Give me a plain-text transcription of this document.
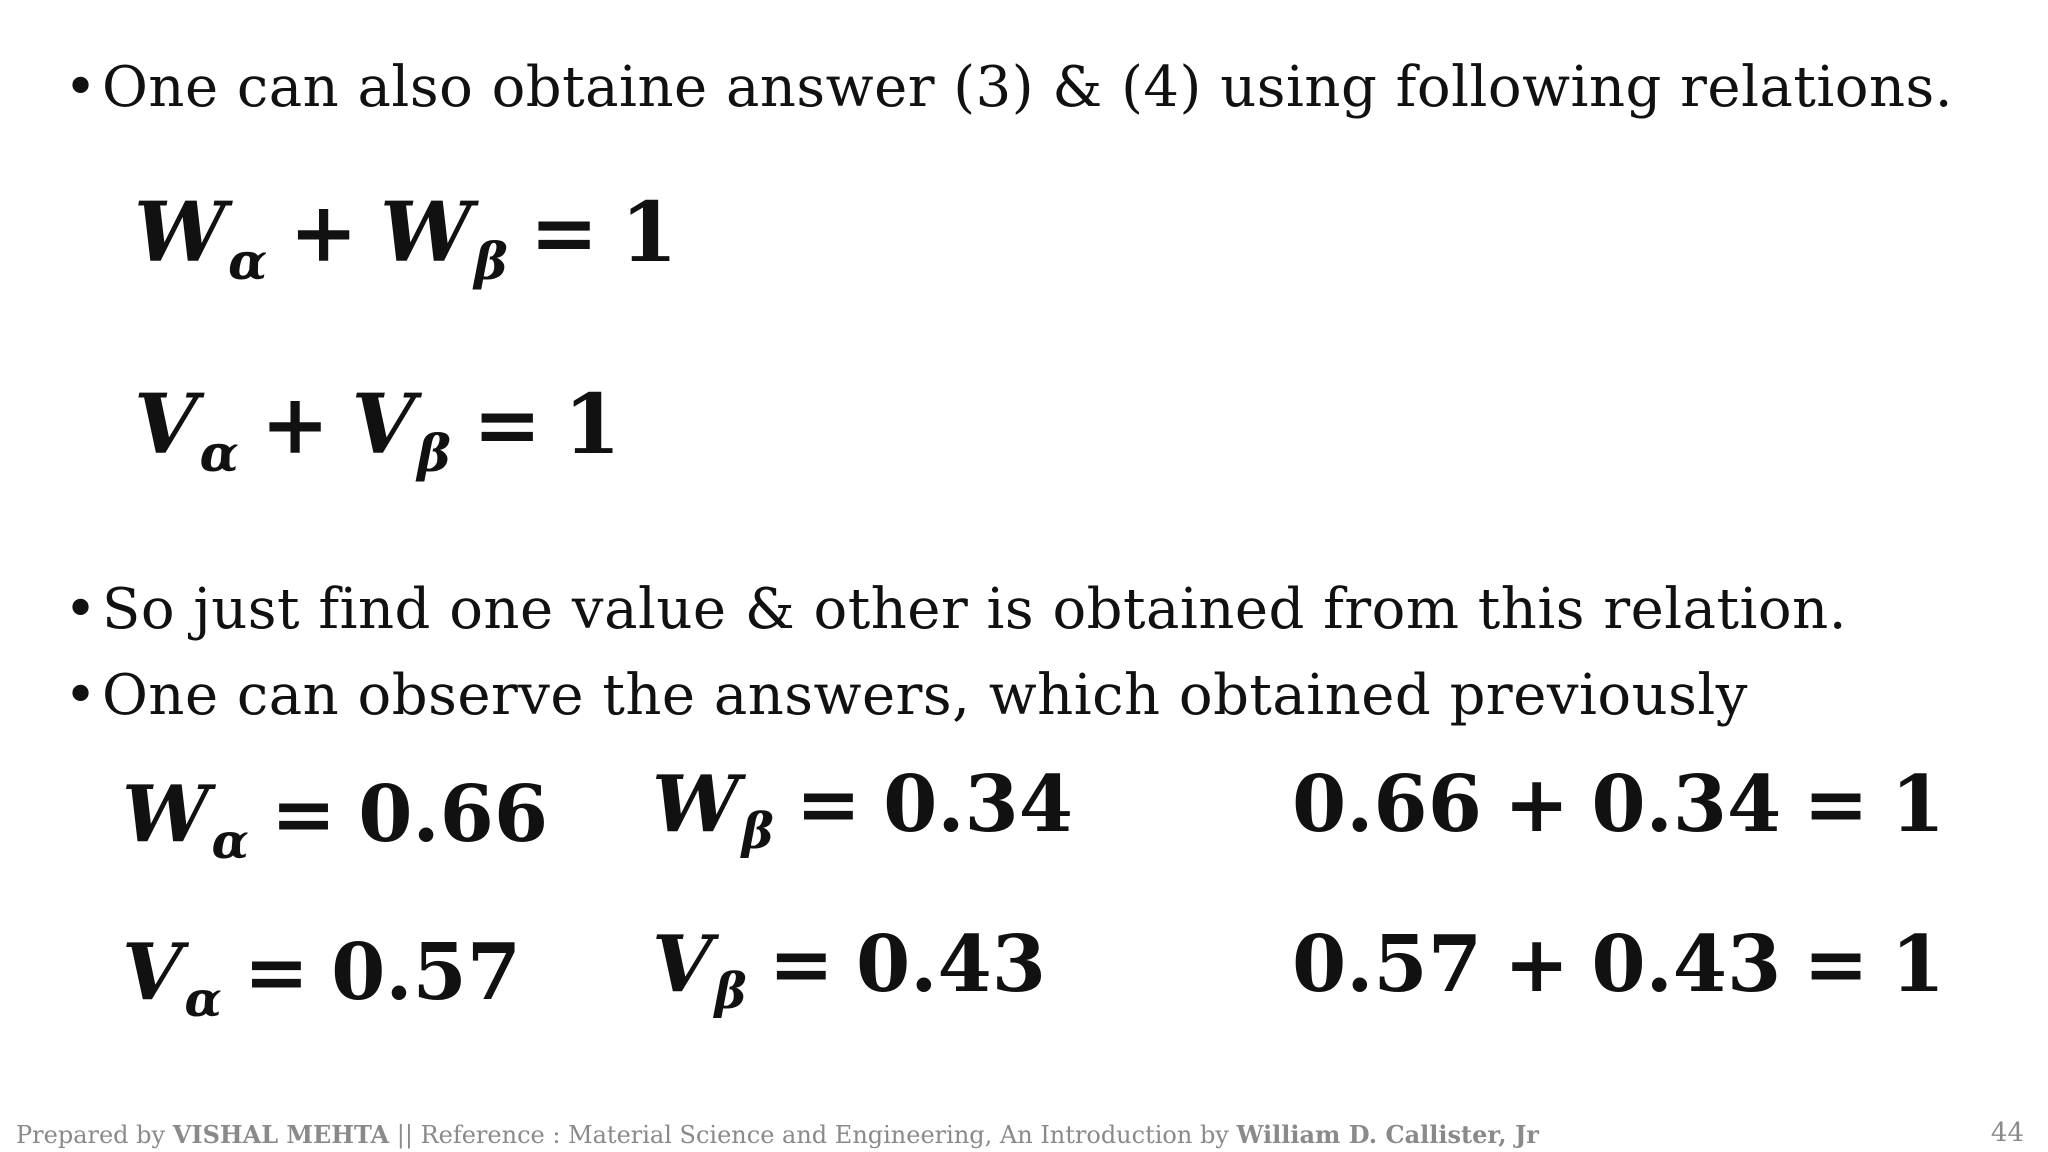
•One can also obtaine answer (3) & (4) using following relations.
$W_\alpha + W_\beta = 1$
$V_\alpha + V_\beta = 1$
•So just find one value & other is obtained from this relation.
•One can observe the answers, which obtained previously
$W_\alpha = 0.66$ $W_\beta = 0.34$	0.66 + 0.34 = 1
$V_\alpha = 0.57$ $V_\beta = 0.43$	0.57 + 0.43 = 1
Prepared by VISHAL MEHTA || Reference : Material Science and Engineering, An Introduction by William D. Callister, Jr	44
